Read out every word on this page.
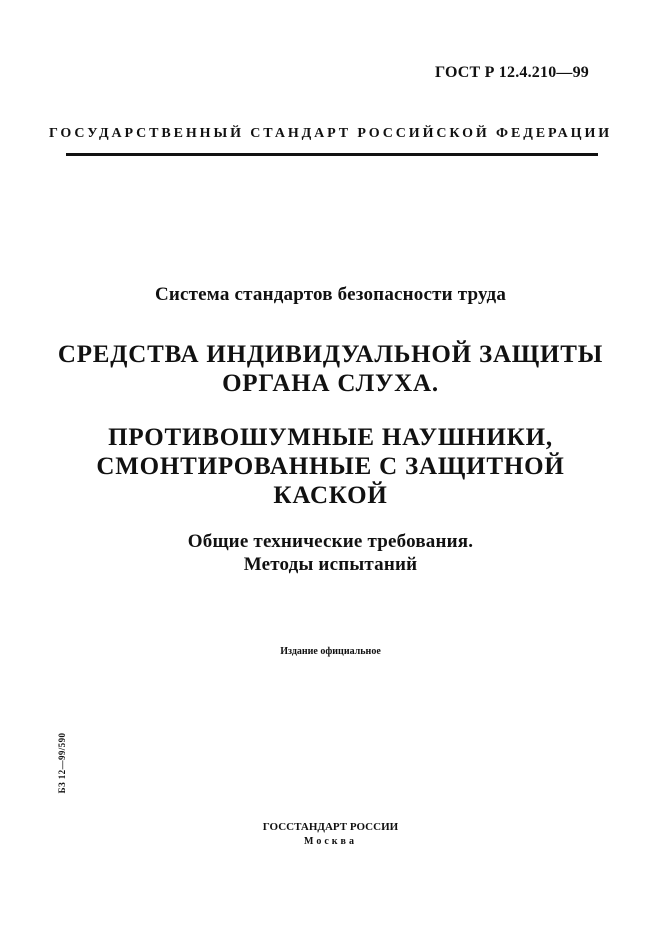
ГОСТ Р 12.4.210—99
ГОСУДАРСТВЕННЫЙ СТАНДАРТ РОССИЙСКОЙ ФЕДЕРАЦИИ
Система стандартов безопасности труда
СРЕДСТВА ИНДИВИДУАЛЬНОЙ ЗАЩИТЫ
ОРГАНА СЛУХА.
ПРОТИВОШУМНЫЕ НАУШНИКИ,
СМОНТИРОВАННЫЕ С ЗАЩИТНОЙ
КАСКОЙ
Общие технические требования.
Методы испытаний
Издание официальное
БЗ 12—99/590
ГОССТАНДАРТ РОССИИ
Москва
